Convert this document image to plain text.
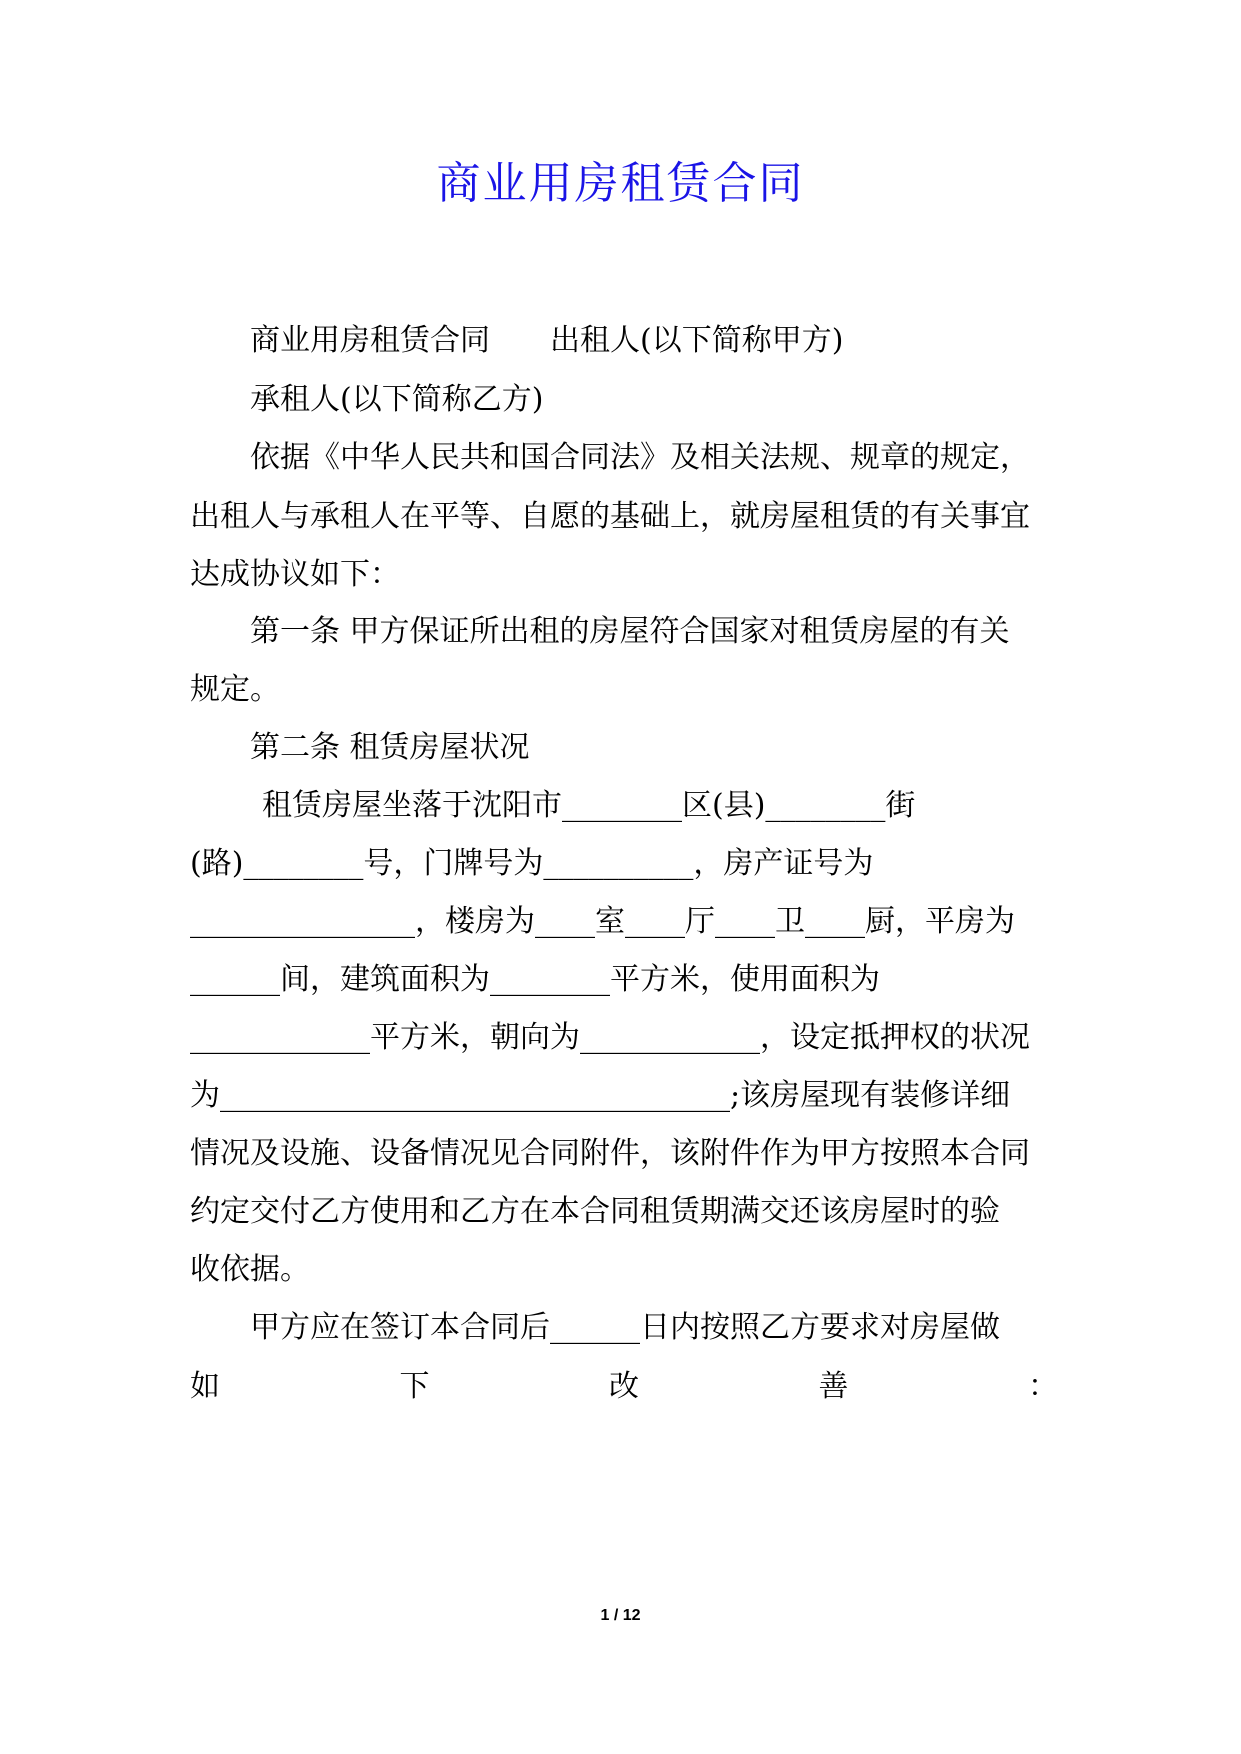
商业用房租赁合同
商业用房租赁合同　　出租人(以下简称甲方)
承租人(以下简称乙方)
依据《中华人民共和国合同法》及相关法规、规章的规定，
出租人与承租人在平等、自愿的基础上，就房屋租赁的有关事宜
达成协议如下：
第一条 甲方保证所出租的房屋符合国家对租赁房屋的有关
规定。
第二条 租赁房屋状况
租赁房屋坐落于沈阳市________区(县)________街
(路)________号，门牌号为__________，房产证号为
_______________，楼房为____室____厅____卫____厨，平房为
______间，建筑面积为________平方米，使用面积为
____________平方米，朝向为____________，设定抵押权的状况
为__________________________________;该房屋现有装修详细
情况及设施、设备情况见合同附件，该附件作为甲方按照本合同
约定交付乙方使用和乙方在本合同租赁期满交还该房屋时的验
收依据。
甲方应在签订本合同后______日内按照乙方要求对房屋做
如	下	改	善	：
1 / 12
